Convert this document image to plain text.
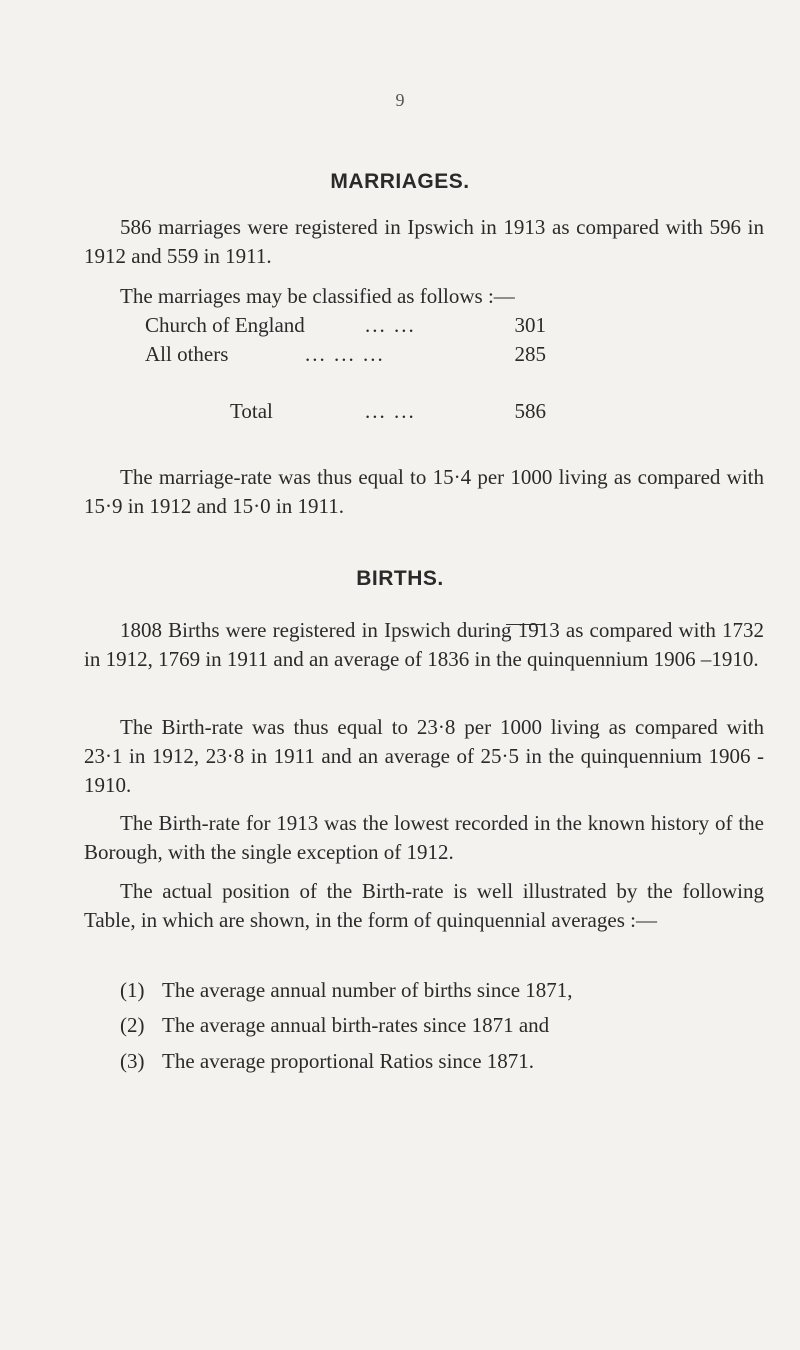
9
MARRIAGES.
586 marriages were registered in Ipswich in 1913 as compared with 596 in 1912 and 559 in 1911.
The marriages may be classified as follows :—
Church of England	... ...	301
All others	... ... ...	285
Total	... ...	586
The marriage-rate was thus equal to 15·4 per 1000 living as compared with 15·9 in 1912 and 15·0 in 1911.
BIRTHS.
1808 Births were registered in Ipswich during 1913 as compared with 1732 in 1912, 1769 in 1911 and an average of 1836 in the quinquennium 1906 –1910.
The Birth-rate was thus equal to 23·8 per 1000 living as compared with 23·1 in 1912, 23·8 in 1911 and an average of 25·5 in the quinquennium 1906 - 1910.
The Birth-rate for 1913 was the lowest recorded in the known history of the Borough, with the single exception of 1912.
The actual position of the Birth-rate is well illustrated by the following Table, in which are shown, in the form of quinquennial averages :—
(1) The average annual number of births since 1871,
(2) The average annual birth-rates since 1871 and
(3) The average proportional Ratios since 1871.
